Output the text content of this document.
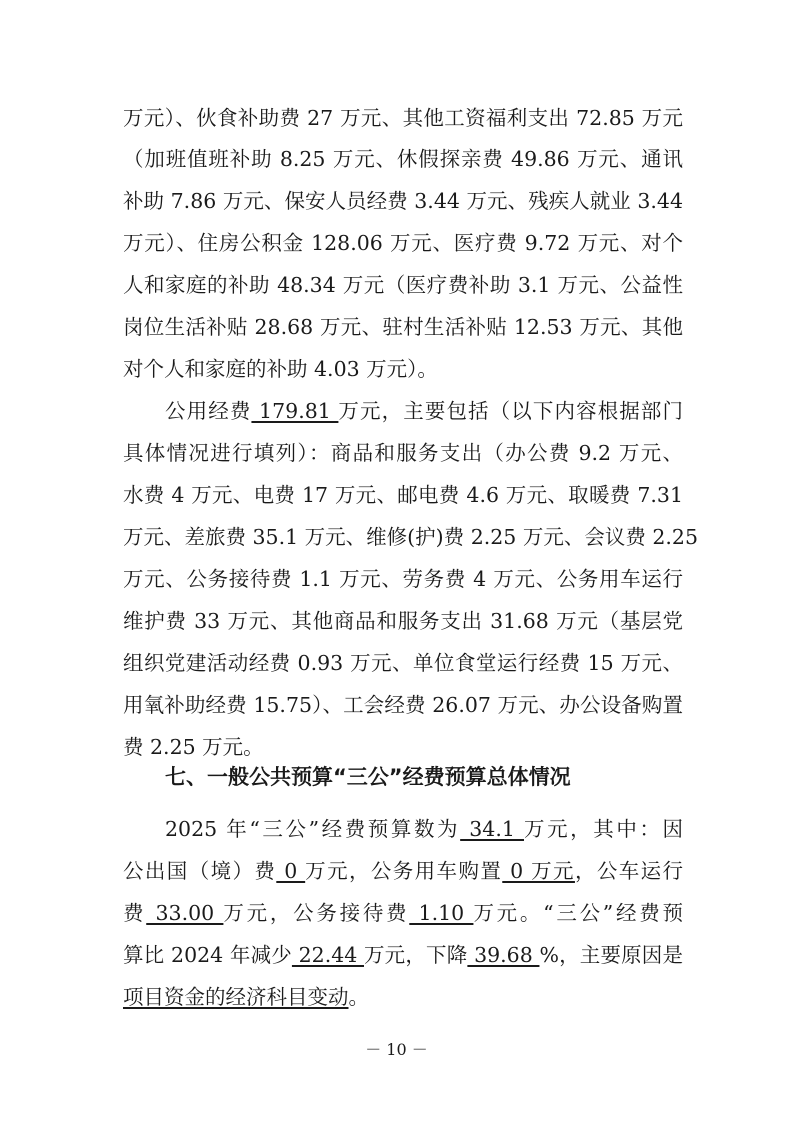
万元）、伙食补助费 27 万元、其他工资福利支出 72.85 万元
（加班值班补助 8.25 万元、休假探亲费 49.86 万元、通讯
补助 7.86 万元、保安人员经费 3.44 万元、残疾人就业 3.44
万元）、住房公积金 128.06 万元、医疗费 9.72 万元、对个
人和家庭的补助 48.34 万元（医疗费补助 3.1 万元、公益性
岗位生活补贴 28.68 万元、驻村生活补贴 12.53 万元、其他
对个人和家庭的补助 4.03 万元）。
公用经费 179.81 万元，主要包括（以下内容根据部门
具体情况进行填列）：商品和服务支出（办公费 9.2 万元、
水费 4 万元、电费 17 万元、邮电费 4.6 万元、取暖费 7.31
万元、差旅费 35.1 万元、维修(护)费 2.25 万元、会议费 2.25
万元、公务接待费 1.1 万元、劳务费 4 万元、公务用车运行
维护费 33 万元、其他商品和服务支出 31.68 万元（基层党
组织党建活动经费 0.93 万元、单位食堂运行经费 15 万元、
用氧补助经费 15.75）、工会经费 26.07 万元、办公设备购置
费 2.25 万元。
七、一般公共预算“三公”经费预算总体情况
2025 年“三公”经费预算数为 34.1 万元，其中：因
公出国（境）费 0 万元，公务用车购置 0 万元，公车运行
费 33.00 万元，公务接待费 1.10 万元。“三公”经费预
算比 2024 年减少 22.44 万元，下降 39.68 %，主要原因是
项目资金的经济科目变动。
－ 10 －
